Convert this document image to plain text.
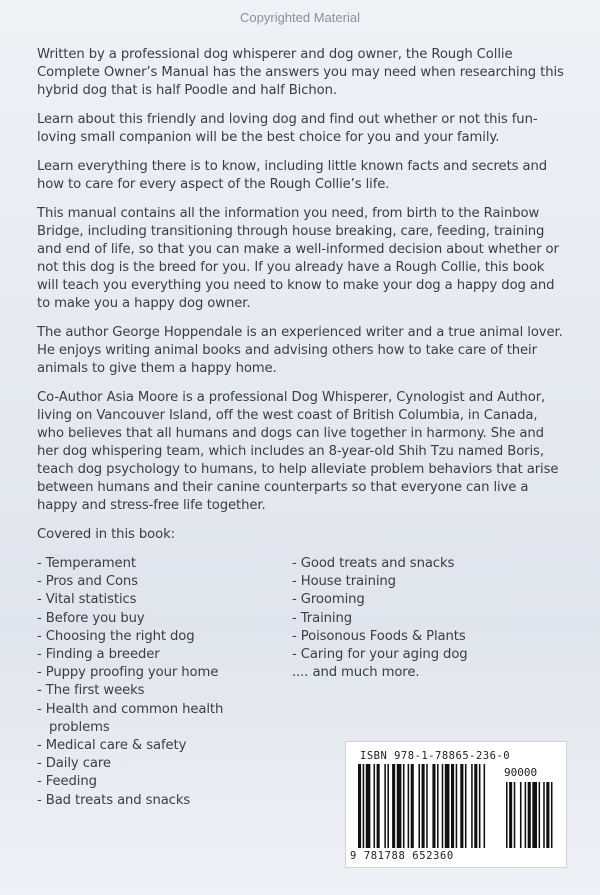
Copyrighted Material

Written by a professional dog whisperer and dog owner, the Rough Collie Complete Owner’s Manual has the answers you may need when researching this hybrid dog that is half Poodle and half Bichon.

Learn about this friendly and loving dog and find out whether or not this fun-loving small companion will be the best choice for you and your family.

Learn everything there is to know, including little known facts and secrets and how to care for every aspect of the Rough Collie’s life.

This manual contains all the information you need, from birth to the Rainbow Bridge, including transitioning through house breaking, care, feeding, training and end of life, so that you can make a well-informed decision about whether or not this dog is the breed for you. If you already have a Rough Collie, this book will teach you everything you need to know to make your dog a happy dog and to make you a happy dog owner.

The author George Hoppendale is an experienced writer and a true animal lover. He enjoys writing animal books and advising others how to take care of their animals to give them a happy home.

Co-Author Asia Moore is a professional Dog Whisperer, Cynologist and Author, living on Vancouver Island, off the west coast of British Columbia, in Canada, who believes that all humans and dogs can live together in harmony. She and her dog whispering team, which includes an 8-year-old Shih Tzu named Boris, teach dog psychology to humans, to help alleviate problem behaviors that arise between humans and their canine counterparts so that everyone can live a happy and stress-free life together.

Covered in this book:

- Temperament
- Pros and Cons
- Vital statistics
- Before you buy
- Choosing the right dog
- Finding a breeder
- Puppy proofing your home
- The first weeks
- Health and common health
problems
- Medical care & safety
- Daily care
- Feeding
- Bad treats and snacks
- Good treats and snacks
- House training
- Grooming
- Training
- Poisonous Foods & Plants
- Caring for your aging dog
.... and much more.
ISBN 978-1-78865-236-0
90000
9 781788 652360
